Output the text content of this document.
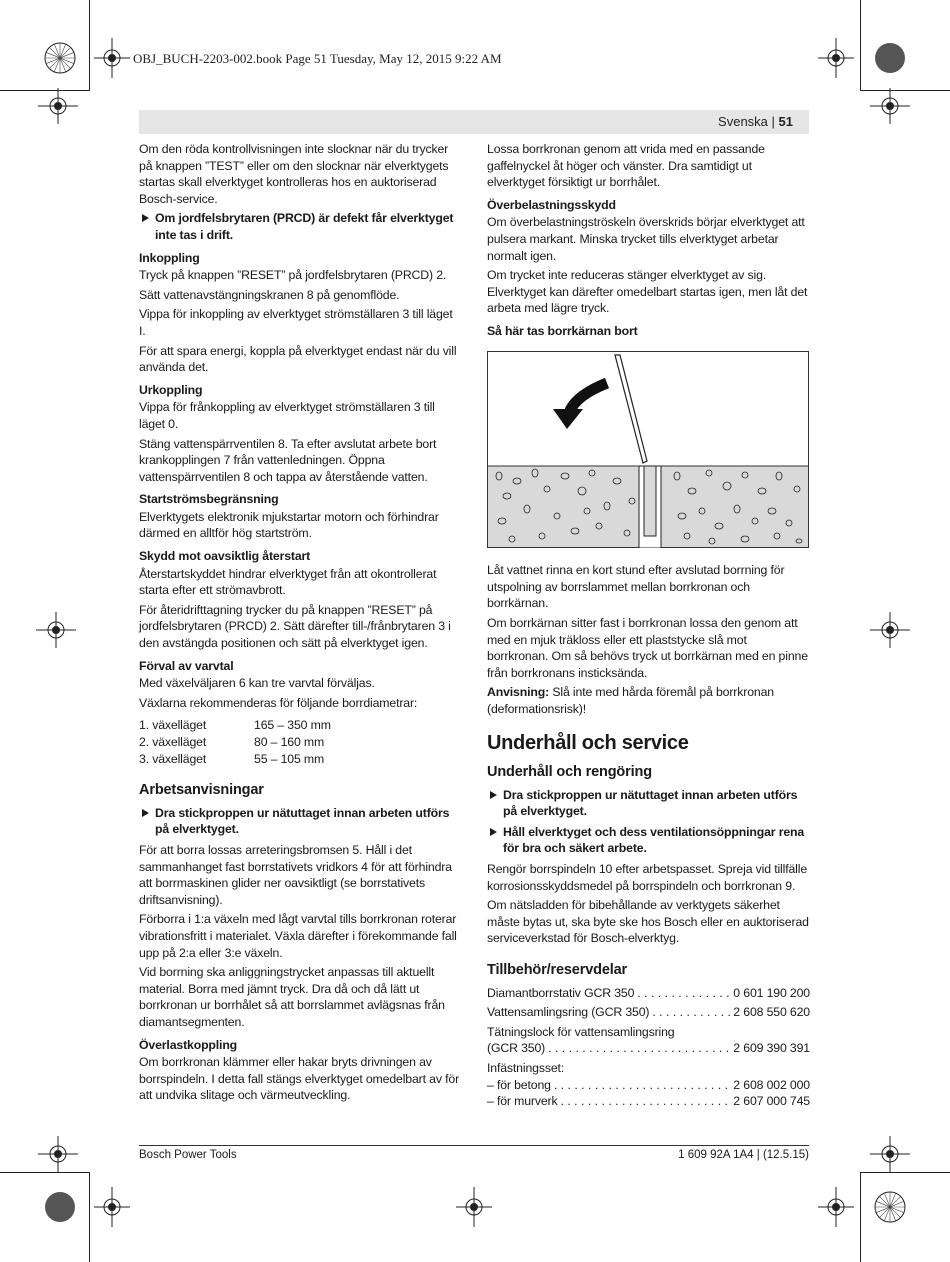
OBJ_BUCH-2203-002.book Page 51 Tuesday, May 12, 2015 9:22 AM
Svenska | 51

Om den röda kontrollvisningen inte slocknar när du trycker på knappen ”TEST” eller om den slocknar när elverktygets startas skall elverktyget kontrolleras hos en auktoriserad Bosch-service.

Om jordfelsbrytaren (PRCD) är defekt får elverktyget inte tas i drift.
Inkoppling

Tryck på knappen ”RESET” på jordfelsbrytaren (PRCD) 2.

Sätt vattenavstängningskranen 8 på genomflöde.

Vippa för inkoppling av elverktyget strömställaren 3 till läget I.

För att spara energi, koppla på elverktyget endast när du vill använda det.

Urkoppling

Vippa för frånkoppling av elverktyget strömställaren 3 till läget 0.

Stäng vattenspärrventilen 8. Ta efter avslutat arbete bort krankopplingen 7 från vattenledningen. Öppna vattenspärrventilen 8 och tappa av återstående vatten.

Startströmsbegränsning

Elverktygets elektronik mjukstartar motorn och förhindrar därmed en alltför hög startström.

Skydd mot oavsiktlig återstart

Återstartskyddet hindrar elverktyget från att okontrollerat starta efter ett strömavbrott.

För återidrifttagning trycker du på knappen ”RESET” på jordfelsbrytaren (PRCD) 2. Sätt därefter till-/frånbrytaren 3 i den avstängda positionen och sätt på elverktyget igen.

Förval av varvtal

Med växelväljaren 6 kan tre varvtal förväljas.

Växlarna rekommenderas för följande borrdiametrar:

1. växelläget	165 – 350 mm
2. växelläget	80 – 160 mm
3. växelläget	55 – 105 mm
Arbetsanvisningar
Dra stickproppen ur nätuttaget innan arbeten utförs på elverktyget.

För att borra lossas arreteringsbromsen 5. Håll i det sammanhanget fast borrstativets vridkors 4 för att förhindra att borrmaskinen glider ner oavsiktligt (se borrstativets driftsanvisning).

Förborra i 1:a växeln med lågt varvtal tills borrkronan roterar vibrationsfritt i materialet. Växla därefter i förekommande fall upp på 2:a eller 3:e växeln.

Vid borrning ska anliggningstrycket anpassas till aktuellt material. Borra med jämnt tryck. Dra då och då lätt ut borrkronan ur borrhålet så att borrslammet avlägsnas från diamantsegmenten.

Överlastkoppling

Om borrkronan klämmer eller hakar bryts drivningen av borrspindeln. I detta fall stängs elverktyget omedelbart av för att undvika slitage och värmeutveckling.

Lossa borrkronan genom att vrida med en passande gaffelnyckel åt höger och vänster. Dra samtidigt ut elverktyget försiktigt ur borrhålet.

Överbelastningsskydd

Om överbelastningströskeln överskrids börjar elverktyget att pulsera markant. Minska trycket tills elverktyget arbetar normalt igen.

Om trycket inte reduceras stänger elverktyget av sig. Elverktyget kan därefter omedelbart startas igen, men låt det arbeta med lägre tryck.

Så här tas borrkärnan bort

Låt vattnet rinna en kort stund efter avslutad borrning för utspolning av borrslammet mellan borrkronan och borrkärnan.

Om borrkärnan sitter fast i borrkronan lossa den genom att med en mjuk träkloss eller ett plaststycke slå mot borrkronan. Om så behövs tryck ut borrkärnan med en pinne från borrkronans insticksända.

Anvisning: Slå inte med hårda föremål på borrkronan (deformationsrisk)!

Underhåll och service
Underhåll och rengöring
Dra stickproppen ur nätuttaget innan arbeten utförs på elverktyget.
Håll elverktyget och dess ventilationsöppningar rena för bra och säkert arbete.

Rengör borrspindeln 10 efter arbetspasset. Spreja vid tillfälle korrosionsskyddsmedel på borrspindeln och borrkronan 9.

Om nätsladden för bibehållande av verktygets säkerhet måste bytas ut, ska byte ske hos Bosch eller en auktoriserad serviceverkstad för Bosch-elverktyg.

Tillbehör/reservdelar
Diamantborrstativ GCR 350 . . .	0 601 190 200
Vattensamlingsring (GCR 350) . . .	2 608 550 620
Tätningslock för vattensamlingsring
(GCR 350) . . .	2 609 390 391
Infästningsset:
– för betong . . .	2 608 002 000
– för murverk . . .	2 607 000 745
Bosch Power Tools	1 609 92A 1A4 | (12.5.15)
